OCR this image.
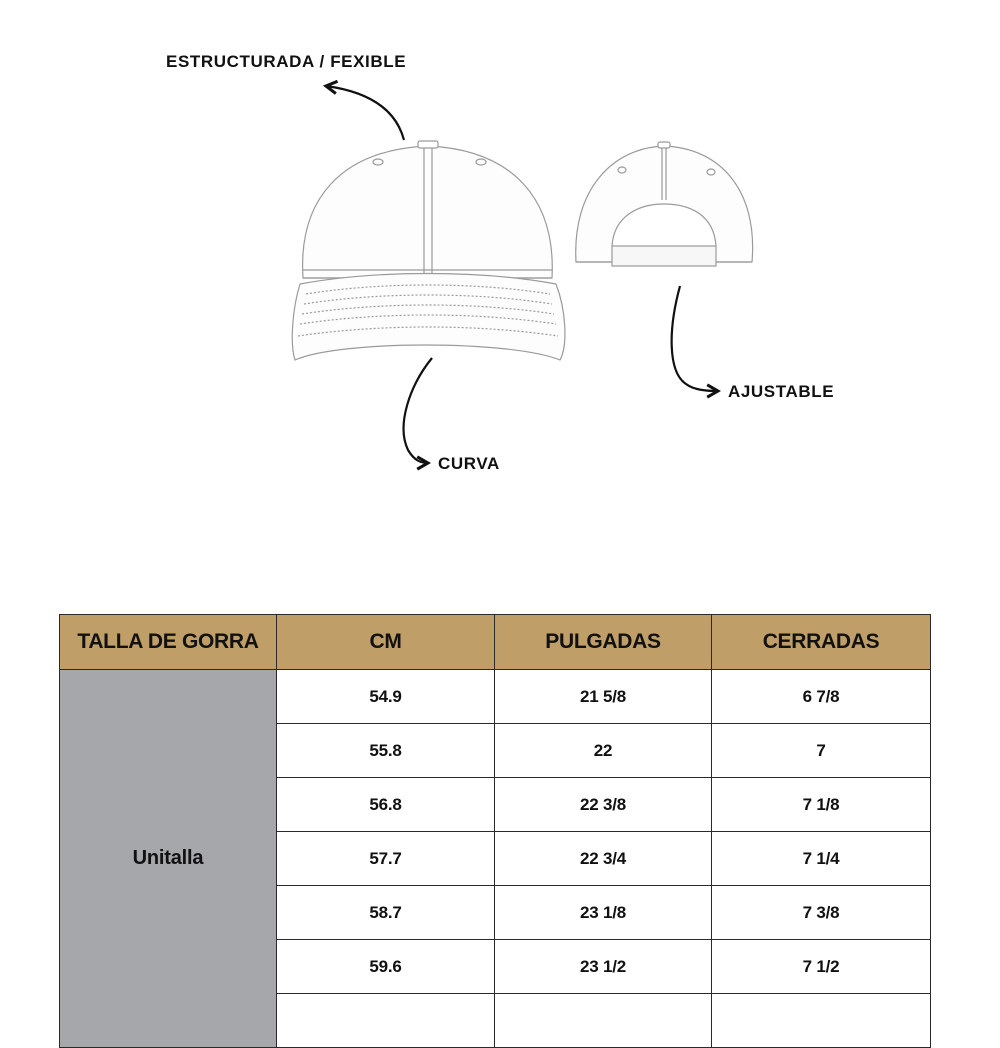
ESTRUCTURADA / FEXIBLE
AJUSTABLE
CURVA
TALLA DE GORRA	CM	PULGADAS	CERRADAS
Unitalla	54.9	21 5/8	6 7/8
	55.8	22	7
	56.8	22 3/8	7 1/8
	57.7	22 3/4	7 1/4
	58.7	23 1/8	7 3/8
	59.6	23 1/2	7 1/2
